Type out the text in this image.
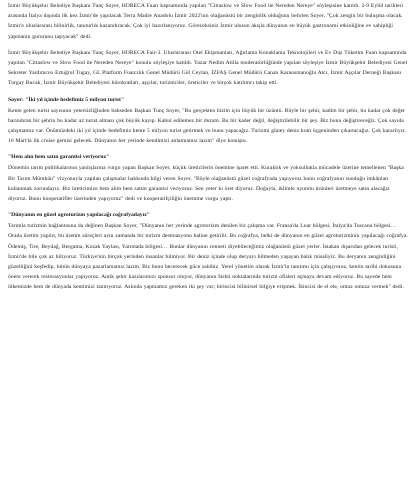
İzmir Büyükşehir Belediye Başkanı Tunç Soyer, HORECA Fuarı kapsamında yapılan "Cittaslow ve Slow Food ile Nereden Nereye" söyleşisine katıldı. 2-9 Eylül tarihleri arasında İtalya dışında ilk kez İzmir'de yapılacak Terra Madre Anadolu İzmir 2022'nin olağanüstü bir zenginlik olduğunu belirten Soyer, "Çok zengin bir buluşma olacak. İzmir'e uluslararası bilinirlik, tanınırlık kazandıracak. Çok iyi hazırlanıyoruz. Göreceksiniz İzmir ulusun akışla dünyanın en büyük gastronomi etkinliğine ev sahipliği yapmanın gururunu taşıyacak" dedi.

İzmir Büyükşehir Belediye Başkanı Tunç Soyer, HORECA Fair-3. Uluslararası Otel Ekipmanları, Ağırlama Konaklama Teknolojileri ve Ev Dışı Tüketim Fuarı kapsamında yapılan "Cittaslow ve Slow Food ile Nereden Nereye" konulu söyleşiye katıldı. Yazar Nedim Atilla moderatörlüğünde yapılan söyleşiye İzmir Büyükşehir Belediyesi Genel Sekreter Yardımcısı Ertuğrul Tugay, GL Platform Fuarcılık Genel Müdürü Gül Ceylan, İZFAŞ Genel Müdürü Canan Karaosmanoğlu Atcı, İzmir Aşçılar Derneği Başkanı Turgay Bucak, İzmir Büyükşehir Belediyesi bürokratları, aşçılar, turizmciler, üreticiler ve birçok katılımcı takip etti.

Soyer: "İki yıl içinde hedefimiz 5 milyon turist"

Kente gelen turist sayısının yetersizliğinden bahseden Başkan Tunç Soyer, "Bu gerçekten bizim için büyük bir üzüntü. Böyle bir şehir, kadim bir şehir, bu kadar çok değer barındıran bir şehrin bu kadar az turist alması çok büyük kayıp. Kabul edilemez bir durum. Bu bir kader değil, değiştirilebilir bir şey. Biz bunu değiştireceğiz. Çok sayıda çalışmamız var. Önümüzdeki iki yıl içinde hedefimiz kente 5 milyon turist getirmek ve bunu yapacağız. Turizmi güney deniz kum üçgeninden çıkartacağız. Çok kararlıyız. 16 Mart'ta ilk cruise gemisi gelecek. Dünyanın her yerinde kendimizi anlatmamız lazım" diye konuştu.

"Hem alın hem satın garantisi veriyoruz"

Dönemin tarım politikalarının yanlışlarına vurgu yapan Başkan Soyer, küçük üreticilerin önemine işaret etti. Kuraklık ve yoksullukla mücadele üzerine temellenen "Başka Bir Tarım Mümkün" vizyonuyla yapılan çalışmalar hakkında bilgi veren Soyer, "Böyle olağanüstü güzel coğrafyada yapıyoruz bunu coğrafyanın sunduğu imkânları kullanmak zorundayız. Biz üreticimize hem alım hem satım garantisi veriyoruz. Sen yeter ki üret diyoruz. Doğayla, iklimle uyumlu ürünleri üretmeye satın alacağız diyoruz. Bunu kooperatifler üzerinden yapıyoruz" dedi ve kooperatifçiliğin önemine vurgu yaptı.

"Dünyanın en güzel agroturizm yapılacağı coğrafyadayız"

Tarımla turizmin bağlantısına da değinen Başkan Soyer, "Dünyanın her yerinde agroturizm denilen bir çalışma var. Fransa'da Luar bölgesi, İtalya'da Toscana bölgesi… Orada üretim yapılır, bu üretim süreçleri aynı zamanda bir turizm destinasyonu haline getirilir. Bu coğrafya, belki de dünyanın en güzel agroturizminin yapılacağı coğrafya. Ödemiş, Tire, Beydağ, Bergama, Kozak Yaylası, Yarımada bölgesi… Bunlar dünyanın cenneti diyebileceğimiz olağanüstü güzel yerler. İstakan dışarıdan gelecek turisti, İzmir'de bile çok az biliyoruz. Türkiye'nin birçok yerinden insanlar bilmiyor. Bir deniz içinde olup deryayı bilmeden yaşayan balık misaliyiz. Bu deryanın zenginliğini güzelliğini keşfedip, bütün dünyaya pazarlamamız lazım. Biz bunu becerecek güce sahibiz. Yerel yönetim olarak İzmir'in tanıtımı için çalışıyoruz, kentin tarihi dokusuna önem vererek restorasyonlar yapıyoruz. Antik şehir kazılarımızı sponsor oluyor, dünyanın farklı noktalarında turizm ofisleri açmaya devam ediyoruz. Bu sayede hem ülkemizde hem de dünyada kentimizi tanıtıyoruz. Aslında yapmamız gereken iki şey var; birincisi bilinirsel bilgiye erişmek. İkincisi de el ele, omuz omuza vermek" dedi.
